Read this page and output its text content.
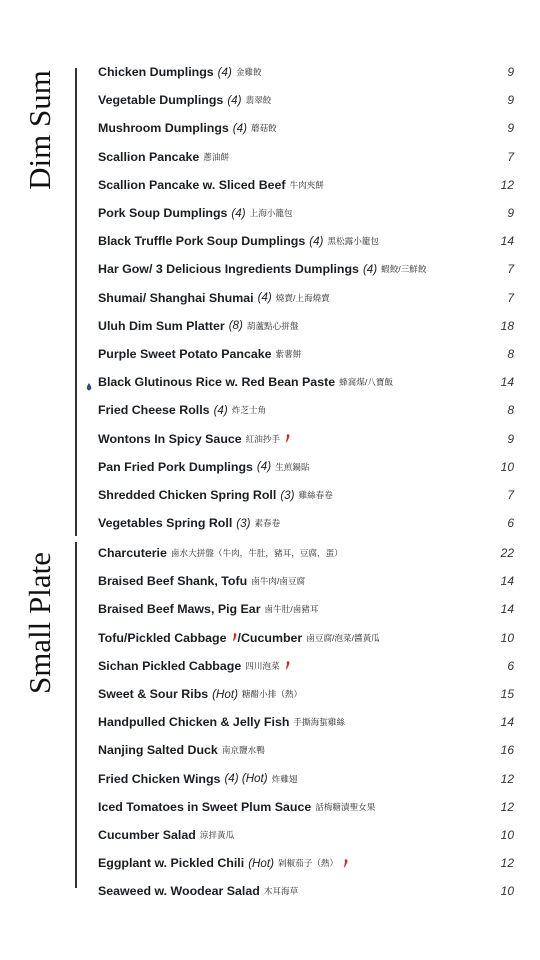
Dim Sum
Small Plate
Chicken Dumplings (4) 金雞餃	9
Vegetable Dumplings (4) 翡翠餃	9
Mushroom Dumplings (4) 蘑菇餃	9
Scallion Pancake 蔥油餅	7
Scallion Pancake w. Sliced Beef 牛肉夾餅	12
Pork Soup Dumplings (4) 上海小籠包	9
Black Truffle Pork Soup Dumplings (4) 黑松露小籠包	14
Har Gow/ 3 Delicious Ingredients Dumplings (4) 蝦餃/三鮮餃	7
Shumai/ Shanghai Shumai (4) 燒賣/上海燒賣	7
Uluh Dim Sum Platter (8) 葫蘆點心拼盤	18
Purple Sweet Potato Pancake 紫薯餅	8
Black Glutinous Rice w. Red Bean Paste 蜂窩煤/八寶飯	14
Fried Cheese Rolls (4) 炸芝士角	8
Wontons In Spicy Sauce 紅油抄手	9
Pan Fried Pork Dumplings (4) 生煎鍋貼	10
Shredded Chicken Spring Roll (3) 雞絲春卷	7
Vegetables Spring Roll (3) 素春卷	6
Charcuterie 鹵水大拼盤（牛肉，牛肚，豬耳，豆腐，蛋）	22
Braised Beef Shank, Tofu 鹵牛肉/鹵豆腐	14
Braised Beef Maws, Pig Ear 鹵牛肚/鹵豬耳	14
Tofu/Pickled Cabbage /Cucumber 鹵豆腐/泡菜/醬黃瓜	10
Sichan Pickled Cabbage 四川泡菜	6
Sweet & Sour Ribs (Hot) 糖醋小排（熱）	15
Handpulled Chicken & Jelly Fish 手撕海蜇雞絲	14
Nanjing Salted Duck 南京鹽水鴨	16
Fried Chicken Wings (4) (Hot) 炸雞翅	12
Iced Tomatoes in Sweet Plum Sauce 話梅糖漬聖女果	12
Cucumber Salad 涼拌黃瓜	10
Eggplant w. Pickled Chili (Hot) 剁椒茄子（熱）	12
Seaweed w. Woodear Salad 木耳海草	10
